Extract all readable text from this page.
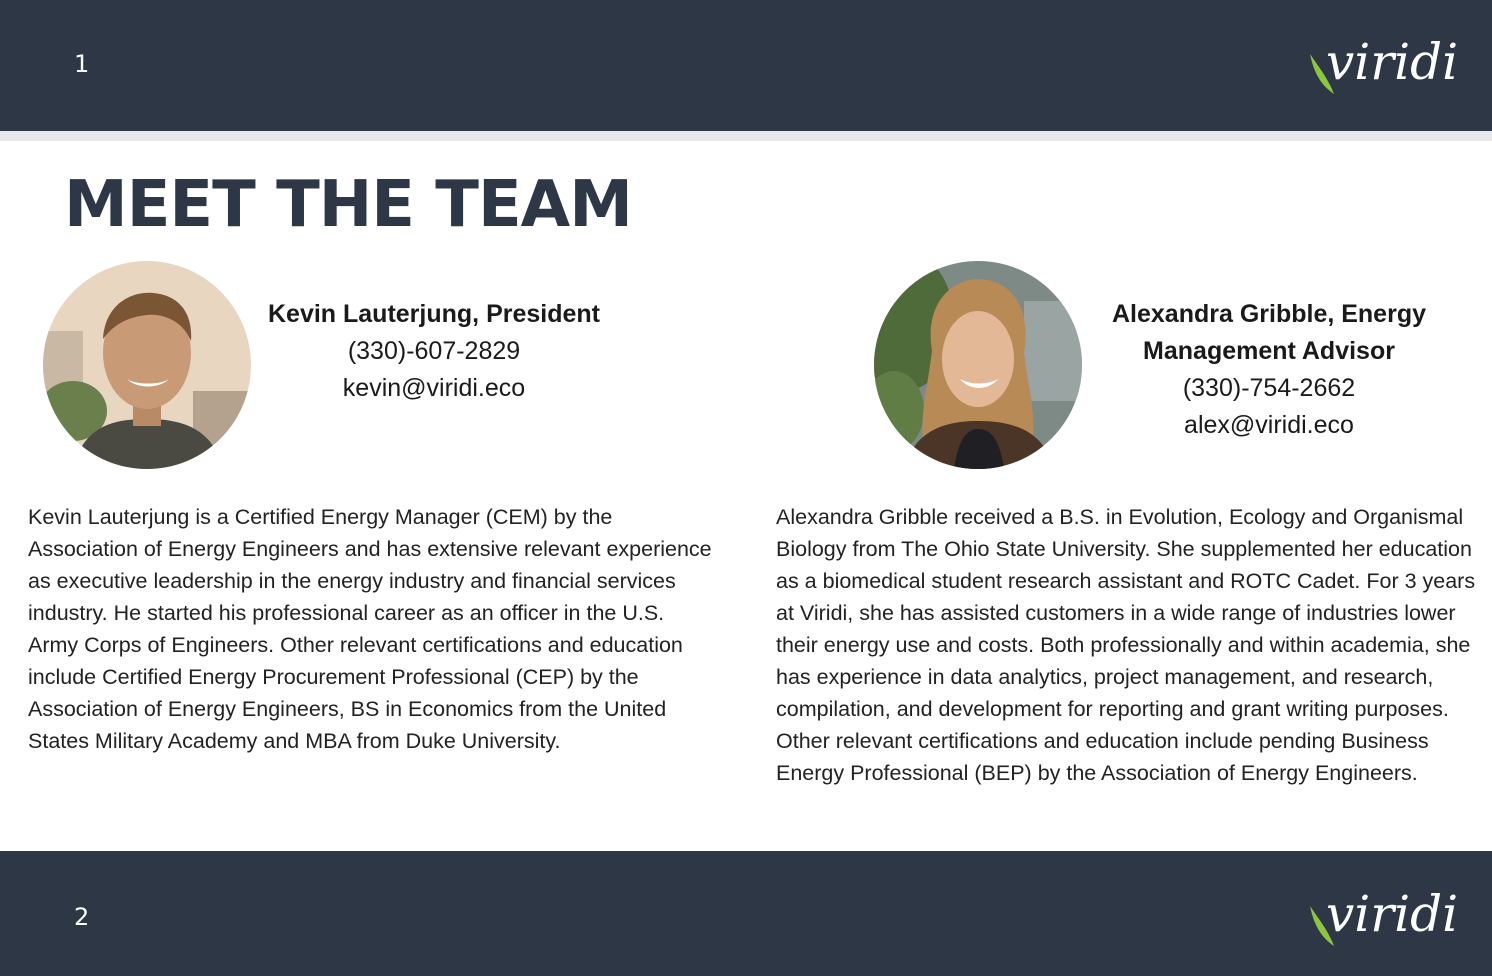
1	viridi
MEET THE TEAM
Kevin Lauterjung, President
(330)-607-2829
kevin@viridi.eco
Alexandra Gribble, Energy Management Advisor
(330)-754-2662
alex@viridi.eco

Kevin Lauterjung is a Certified Energy Manager (CEM) by the Association of Energy Engineers and has extensive relevant experience as executive leadership in the energy industry and financial services industry. He started his professional career as an officer in the U.S. Army Corps of Engineers. Other relevant certifications and education include Certified Energy Procurement Professional (CEP) by the Association of Energy Engineers, BS in Economics from the United States Military Academy and MBA from Duke University.

Alexandra Gribble received a B.S. in Evolution, Ecology and Organismal Biology from The Ohio State University. She supplemented her education as a biomedical student research assistant and ROTC Cadet. For 3 years at Viridi, she has assisted customers in a wide range of industries lower their energy use and costs. Both professionally and within academia, she has experience in data analytics, project management, and research, compilation, and development for reporting and grant writing purposes. Other relevant certifications and education include pending Business Energy Professional (BEP) by the Association of Energy Engineers.

2	viridi
